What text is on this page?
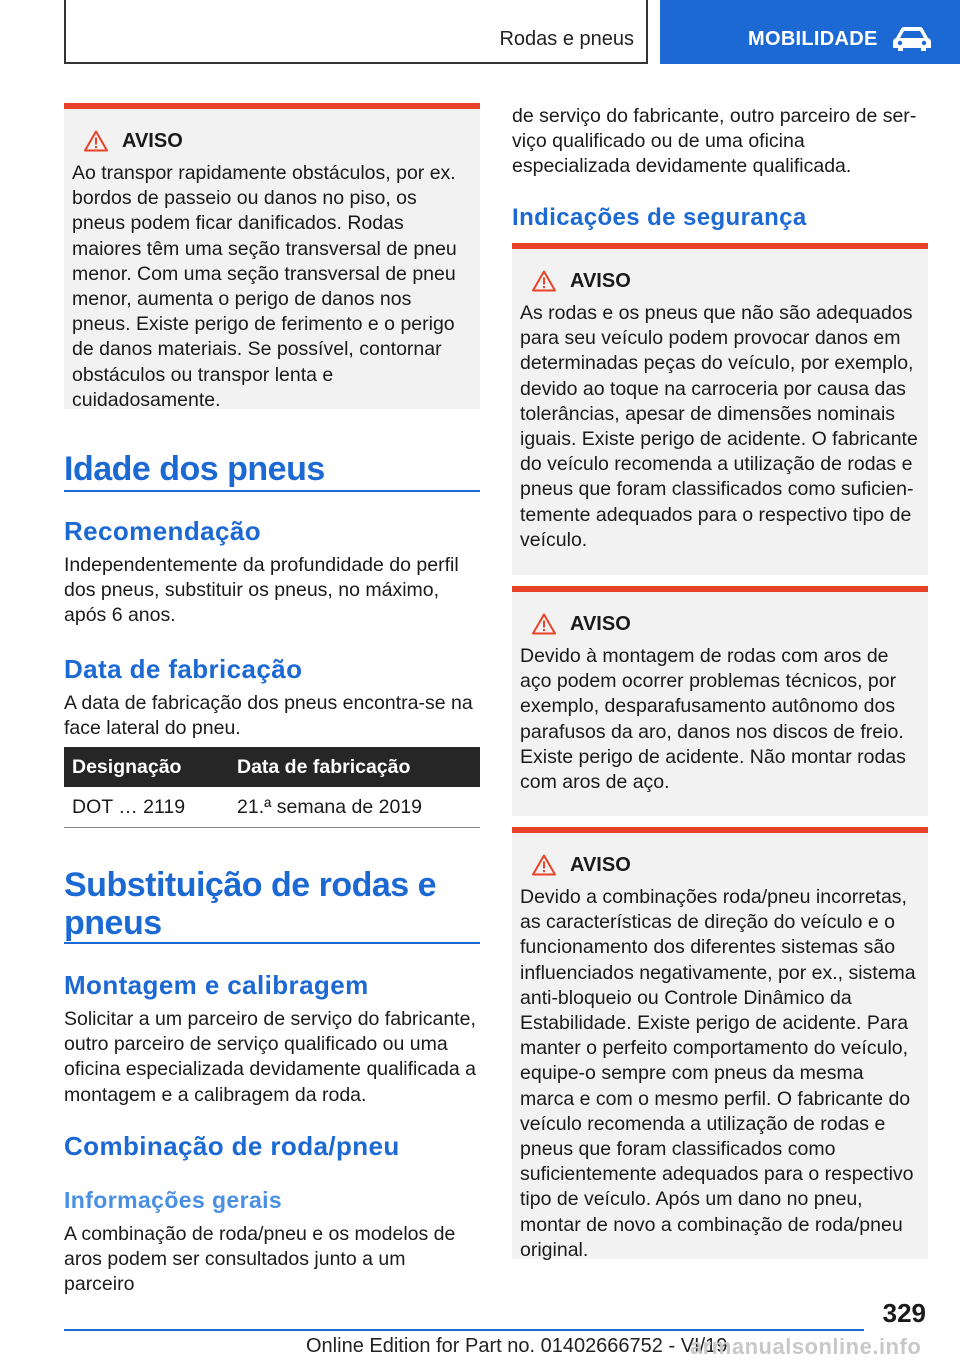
Rodas e pneus	MOBILIDADE
AVISO
Ao transpor rapidamente obstáculos, por ex. bordos de passeio ou danos no piso, os pneus podem ficar danificados. Rodas maiores têm uma seção transversal de pneu menor. Com uma seção transversal de pneu menor, aumenta o perigo de danos nos pneus. Existe perigo de ferimento e o perigo de danos materiais. Se possível, contornar obstáculos ou transpor lenta e cuidadosamente.
Idade dos pneus
Recomendação
Independentemente da profundidade do perfil dos pneus, substituir os pneus, no máximo, após 6 anos.
Data de fabricação
A data de fabricação dos pneus encontra-se na face lateral do pneu.
Designação	Data de fabricação
DOT … 2119	21.ª semana de 2019
Substituição de rodas e pneus
Montagem e calibragem
Solicitar a um parceiro de serviço do fabricante, outro parceiro de serviço qualificado ou uma oficina especializada devidamente qualificada a montagem e a calibragem da roda.
Combinação de roda/pneu
Informações gerais
A combinação de roda/pneu e os modelos de aros podem ser consultados junto a um parceiro
de serviço do fabricante, outro parceiro de serviço qualificado ou de uma oficina especializada devidamente qualificada.
Indicações de segurança
AVISO
As rodas e os pneus que não são adequados para seu veículo podem provocar danos em determinadas peças do veículo, por exemplo, devido ao toque na carroceria por causa das tolerâncias, apesar de dimensões nominais iguais. Existe perigo de acidente. O fabricante do veículo recomenda a utilização de rodas e pneus que foram classificados como suficientemente adequados para o respectivo tipo de veículo.
AVISO
Devido à montagem de rodas com aros de aço podem ocorrer problemas técnicos, por exemplo, desparafusamento autônomo dos parafusos da aro, danos nos discos de freio. Existe perigo de acidente. Não montar rodas com aros de aço.
AVISO
Devido a combinações roda/pneu incorretas, as características de direção do veículo e o funcionamento dos diferentes sistemas são influenciados negativamente, por ex., sistema anti-bloqueio ou Controle Dinâmico da Estabilidade. Existe perigo de acidente. Para manter o perfeito comportamento do veículo, equipe-o sempre com pneus da mesma marca e com o mesmo perfil. O fabricante do veículo recomenda a utilização de rodas e pneus que foram classificados como suficientemente adequados para o respectivo tipo de veículo. Após um dano no pneu, montar de novo a combinação de roda/pneu original.
329
Online Edition for Part no. 01402666752 - VI/19
armanualsonline.info
